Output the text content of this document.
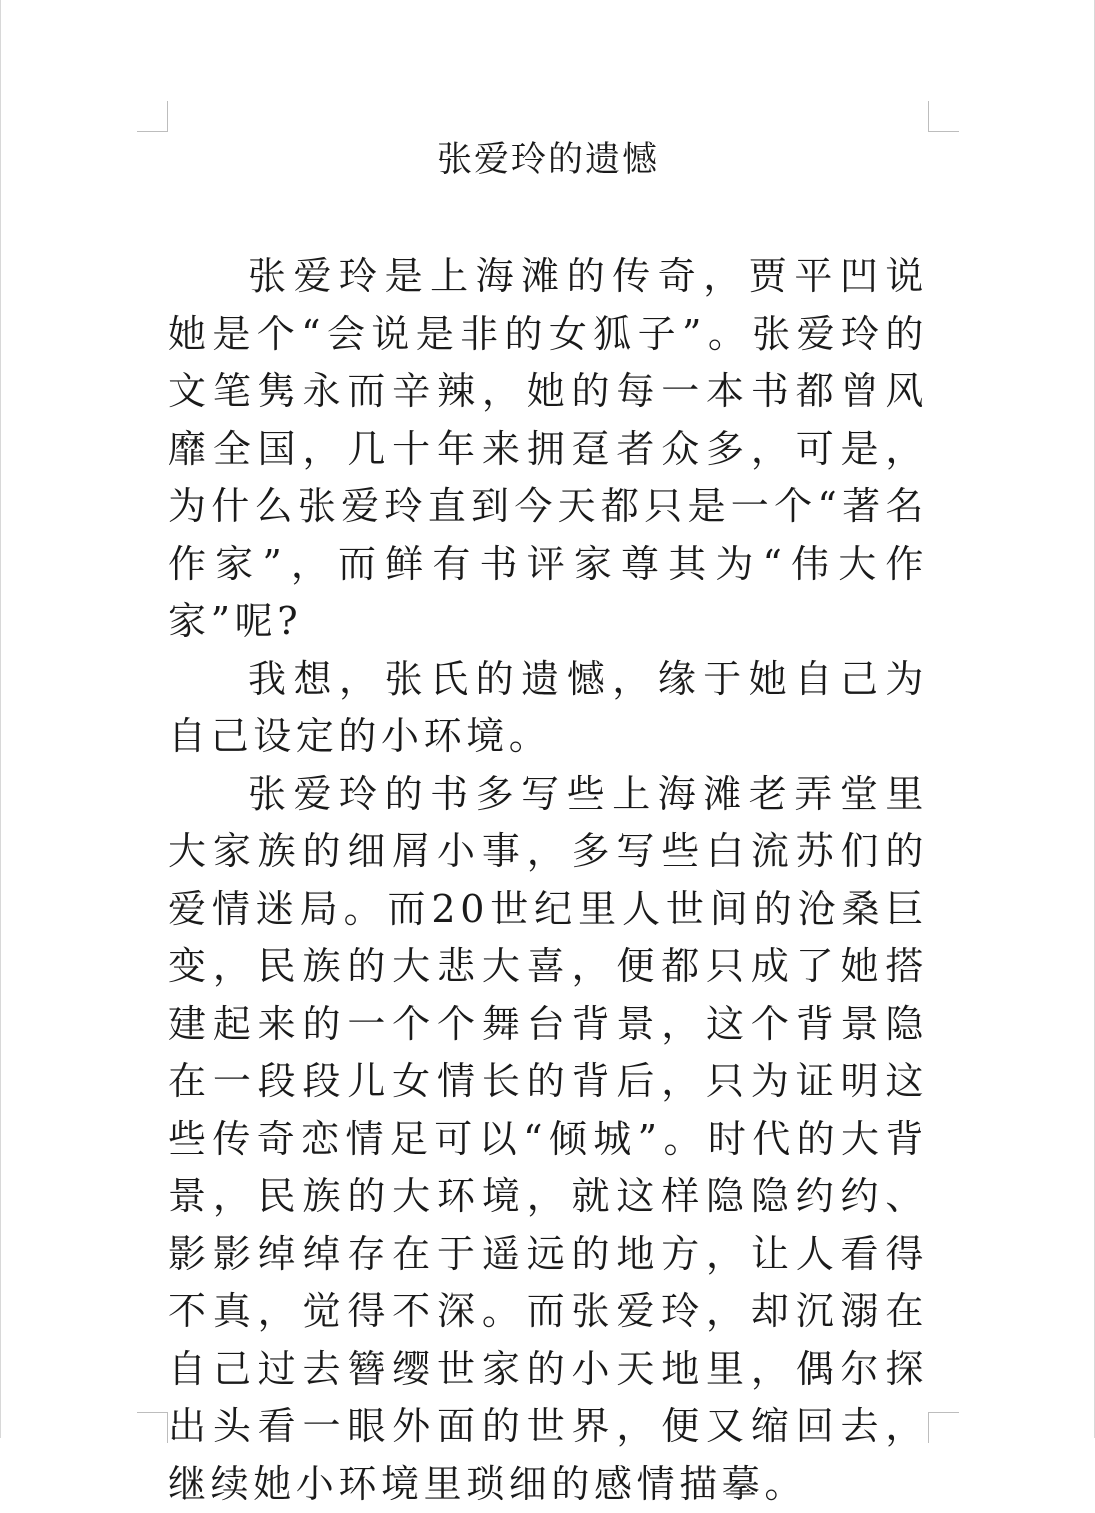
张爱玲的遗憾

张爱玲是上海滩的传奇，贾平凹说她是个“会说是非的女狐子”。张爱玲的文笔隽永而辛辣，她的每一本书都曾风靡全国，几十年来拥趸者众多，可是，为什么张爱玲直到今天都只是一个“著名作家”，而鲜有书评家尊其为“伟大作家”呢?

我想，张氏的遗憾，缘于她自己为自己设定的小环境。

张爱玲的书多写些上海滩老弄堂里大家族的细屑小事，多写些白流苏们的爱情迷局。而20世纪里人世间的沧桑巨变，民族的大悲大喜，便都只成了她搭建起来的一个个舞台背景，这个背景隐在一段段儿女情长的背后，只为证明这些传奇恋情足可以“倾城”。时代的大背景，民族的大环境，就这样隐隐约约、影影绰绰存在于遥远的地方，让人看得不真，觉得不深。而张爱玲，却沉溺在自己过去簪缨世家的小天地里，偶尔探出头看一眼外面的世界，便又缩回去，继续她小环境里琐细的感情描摹。
